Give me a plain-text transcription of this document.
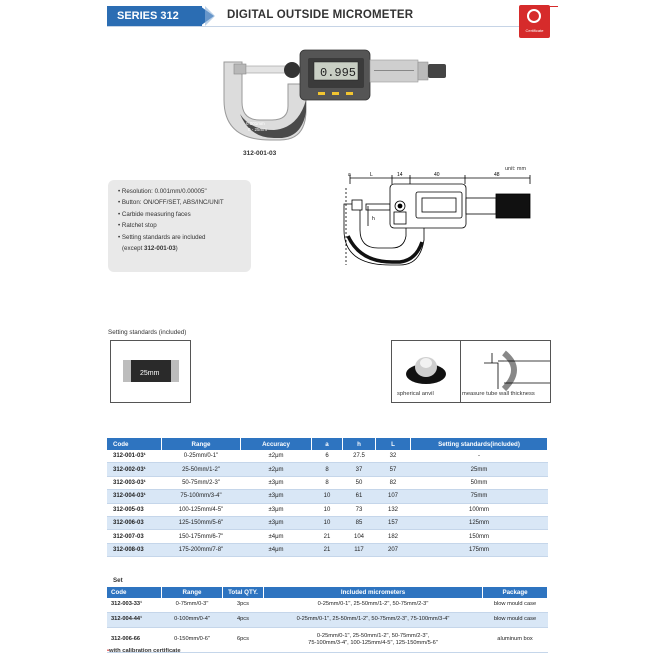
SERIES 312	DIGITAL OUTSIDE MICROMETER
Certificate
0.001mm
0 - 25mm
0.995
312-001-03
• Resolution: 0.001mm/0.00005"
• Button: ON/OFF/SET, ABS/INC/UNIT
• Carbide measuring faces
• Ratchet stop
• Setting standards are included
(except 312-001-03)
unit: mm
a	L	14	40	48
h
Setting standards (included)
25mm
spherical anvil	measure tube wall thickness
Code	Range	Accuracy	a	h	L	Setting standards(included)
312-001-03¹	0-25mm/0-1"	±2μm	6	27.5	32	-
312-002-03¹	25-50mm/1-2"	±2μm	8	37	57	25mm
312-003-03¹	50-75mm/2-3"	±3μm	8	50	82	50mm
312-004-03¹	75-100mm/3-4"	±3μm	10	61	107	75mm
312-005-03	100-125mm/4-5"	±3μm	10	73	132	100mm
312-006-03	125-150mm/5-6"	±3μm	10	85	157	125mm
312-007-03	150-175mm/6-7"	±4μm	21	104	182	150mm
312-008-03	175-200mm/7-8"	±4μm	21	117	207	175mm
Set
Code	Range	Total QTY.	Included micrometers	Package
312-003-33¹	0-75mm/0-3"	3pcs	0-25mm/0-1", 25-50mm/1-2", 50-75mm/2-3"	blow mould case
312-004-44¹	0-100mm/0-4"	4pcs	0-25mm/0-1", 25-50mm/1-2", 50-75mm/2-3", 75-100mm/3-4"	blow mould case
312-006-66	0-150mm/0-6"	6pcs	0-25mm/0-1", 25-50mm/1-2", 50-75mm/2-3",
75-100mm/3-4", 100-125mm/4-5", 125-150mm/5-6"	aluminum box
•with calibration certificate
